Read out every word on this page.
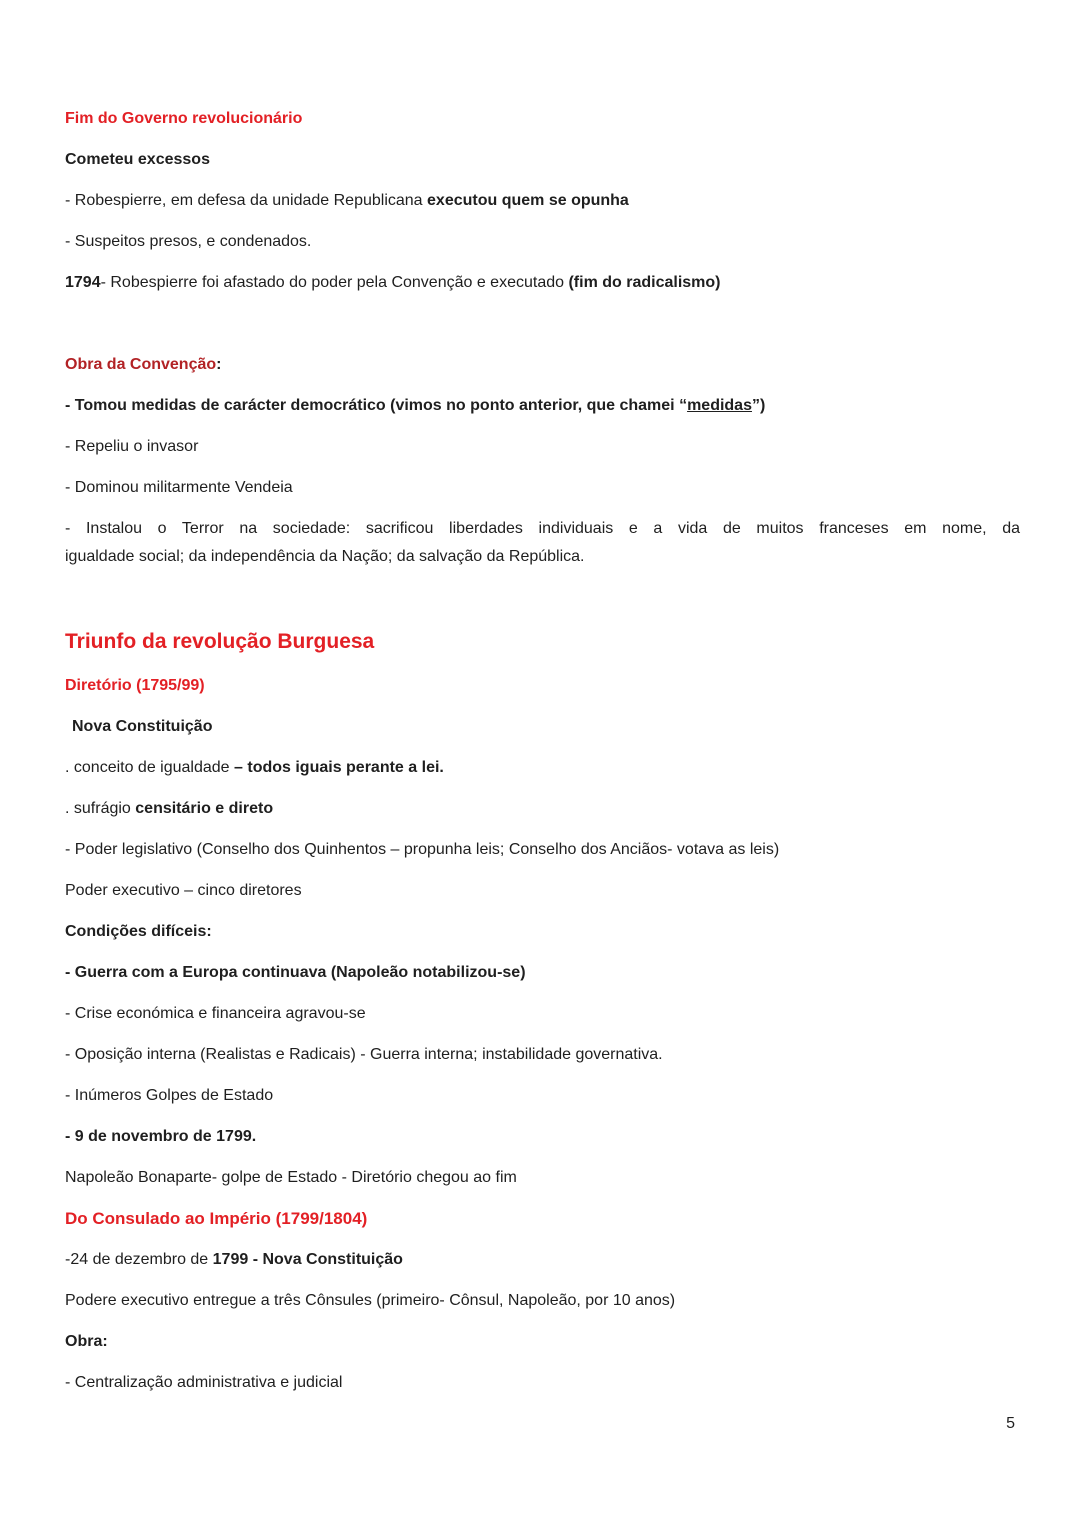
Fim do Governo revolucionário

Cometeu excessos

- Robespierre, em defesa da unidade Republicana executou quem se opunha

- Suspeitos presos, e condenados.

1794- Robespierre foi afastado do poder pela Convenção e executado (fim do radicalismo)

Obra da Convenção:

- Tomou medidas de carácter democrático (vimos no ponto anterior, que chamei “medidas”)

- Repeliu o invasor

- Dominou militarmente Vendeia

- Instalou o Terror na sociedade: sacrificou liberdades individuais e a vida de muitos franceses em nome, da
igualdade social; da independência da Nação; da salvação da República.

Triunfo da revolução Burguesa

Diretório (1795/99)

Nova Constituição

. conceito de igualdade – todos iguais perante a lei.

. sufrágio censitário e direto

- Poder legislativo (Conselho dos Quinhentos – propunha leis; Conselho dos Anciãos- votava as leis)

Poder executivo – cinco diretores

Condições difíceis:

- Guerra com a Europa continuava (Napoleão notabilizou-se)

- Crise económica e financeira agravou-se

- Oposição interna (Realistas e Radicais) - Guerra interna; instabilidade governativa.

- Inúmeros Golpes de Estado

- 9 de novembro de 1799.

Napoleão Bonaparte- golpe de Estado - Diretório chegou ao fim

Do Consulado ao Império (1799/1804)

-24 de dezembro de 1799 - Nova Constituição

Podere executivo entregue a três Cônsules (primeiro- Cônsul, Napoleão, por 10 anos)

Obra:

- Centralização administrativa e judicial

5
